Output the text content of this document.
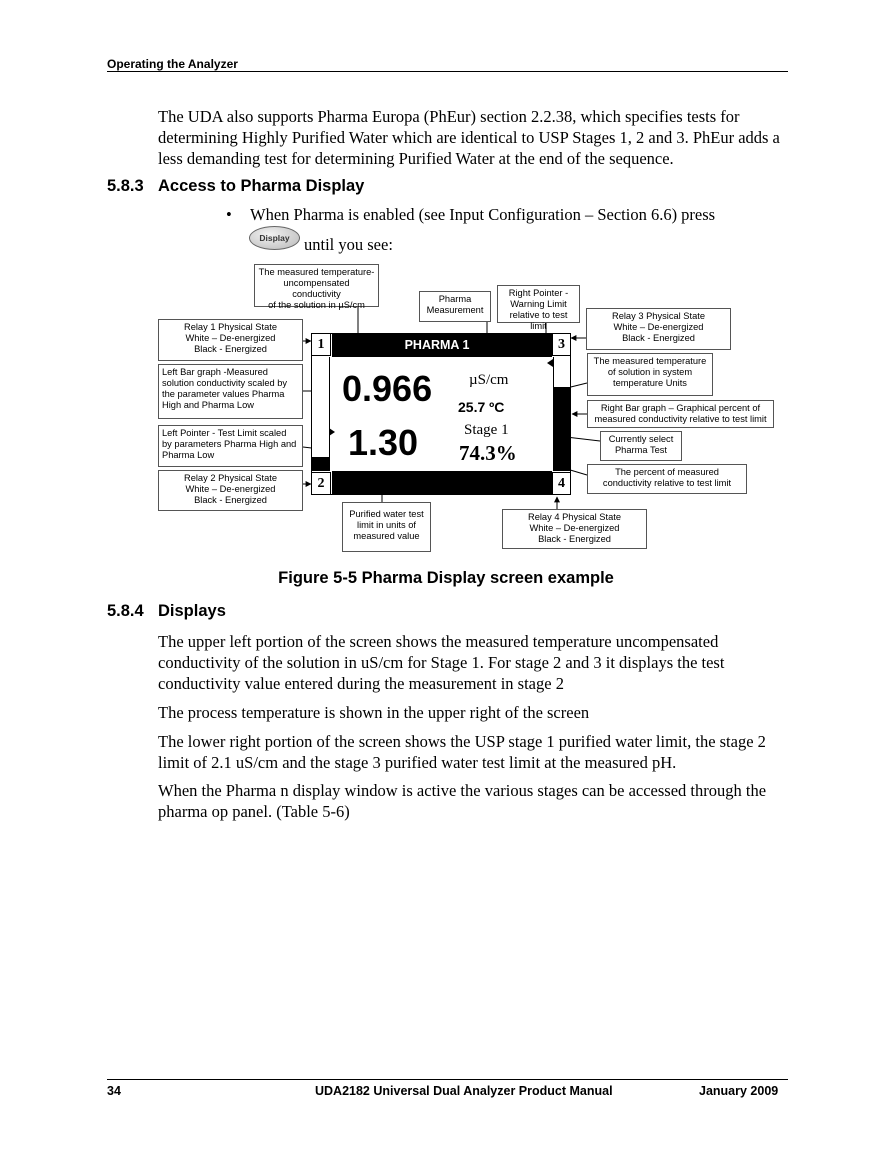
Operating the Analyzer
The UDA also supports Pharma Europa (PhEur) section 2.2.38, which specifies tests for determining Highly Purified Water which are identical to USP Stages 1, 2 and 3. PhEur adds a less demanding test for determining Purified Water at the end of the sequence.
5.8.3 Access to Pharma Display
• When Pharma is enabled (see Input Configuration – Section 6.6) press
Display until you see:
PHARMA 1
1
2
3
4
0.966 µS/cm
25.7 ºC
1.30	Stage 1
74.3%
The measured temperature-
uncompensated conductivity
of the solution in µS/cm
Pharma
Measurement
Right Pointer -
Warning Limit
relative to test limit
Relay 3 Physical State
White – De-energized
Black - Energized
Relay 1 Physical State
White – De-energized
Black - Energized
Left Bar graph -Measured
solution conductivity scaled by
the parameter values Pharma
High and Pharma Low
The measured temperature
of solution in system
temperature Units
Right Bar graph – Graphical percent of
measured conductivity relative to test limit
Left Pointer - Test Limit scaled
by parameters Pharma High and
Pharma Low
Currently select
Pharma Test
Relay 2 Physical State
White – De-energized
Black - Energized
The percent of measured
conductivity relative to test limit
Purified water test
limit in units of
measured value
Relay 4 Physical State
White – De-energized
Black - Energized
Figure 5-5 Pharma Display screen example
5.8.4 Displays
The upper left portion of the screen shows the measured temperature uncompensated conductivity of the solution in uS/cm for Stage 1. For stage 2 and 3 it displays the test conductivity value entered during the measurement in stage 2
The process temperature is shown in the upper right of the screen
The lower right portion of the screen shows the USP stage 1 purified water limit, the stage 2 limit of 2.1 uS/cm and the stage 3 purified water test limit at the measured pH.
When the Pharma n display window is active the various stages can be accessed through the pharma op panel. (Table 5-6)
34	UDA2182 Universal Dual Analyzer Product Manual	January 2009
